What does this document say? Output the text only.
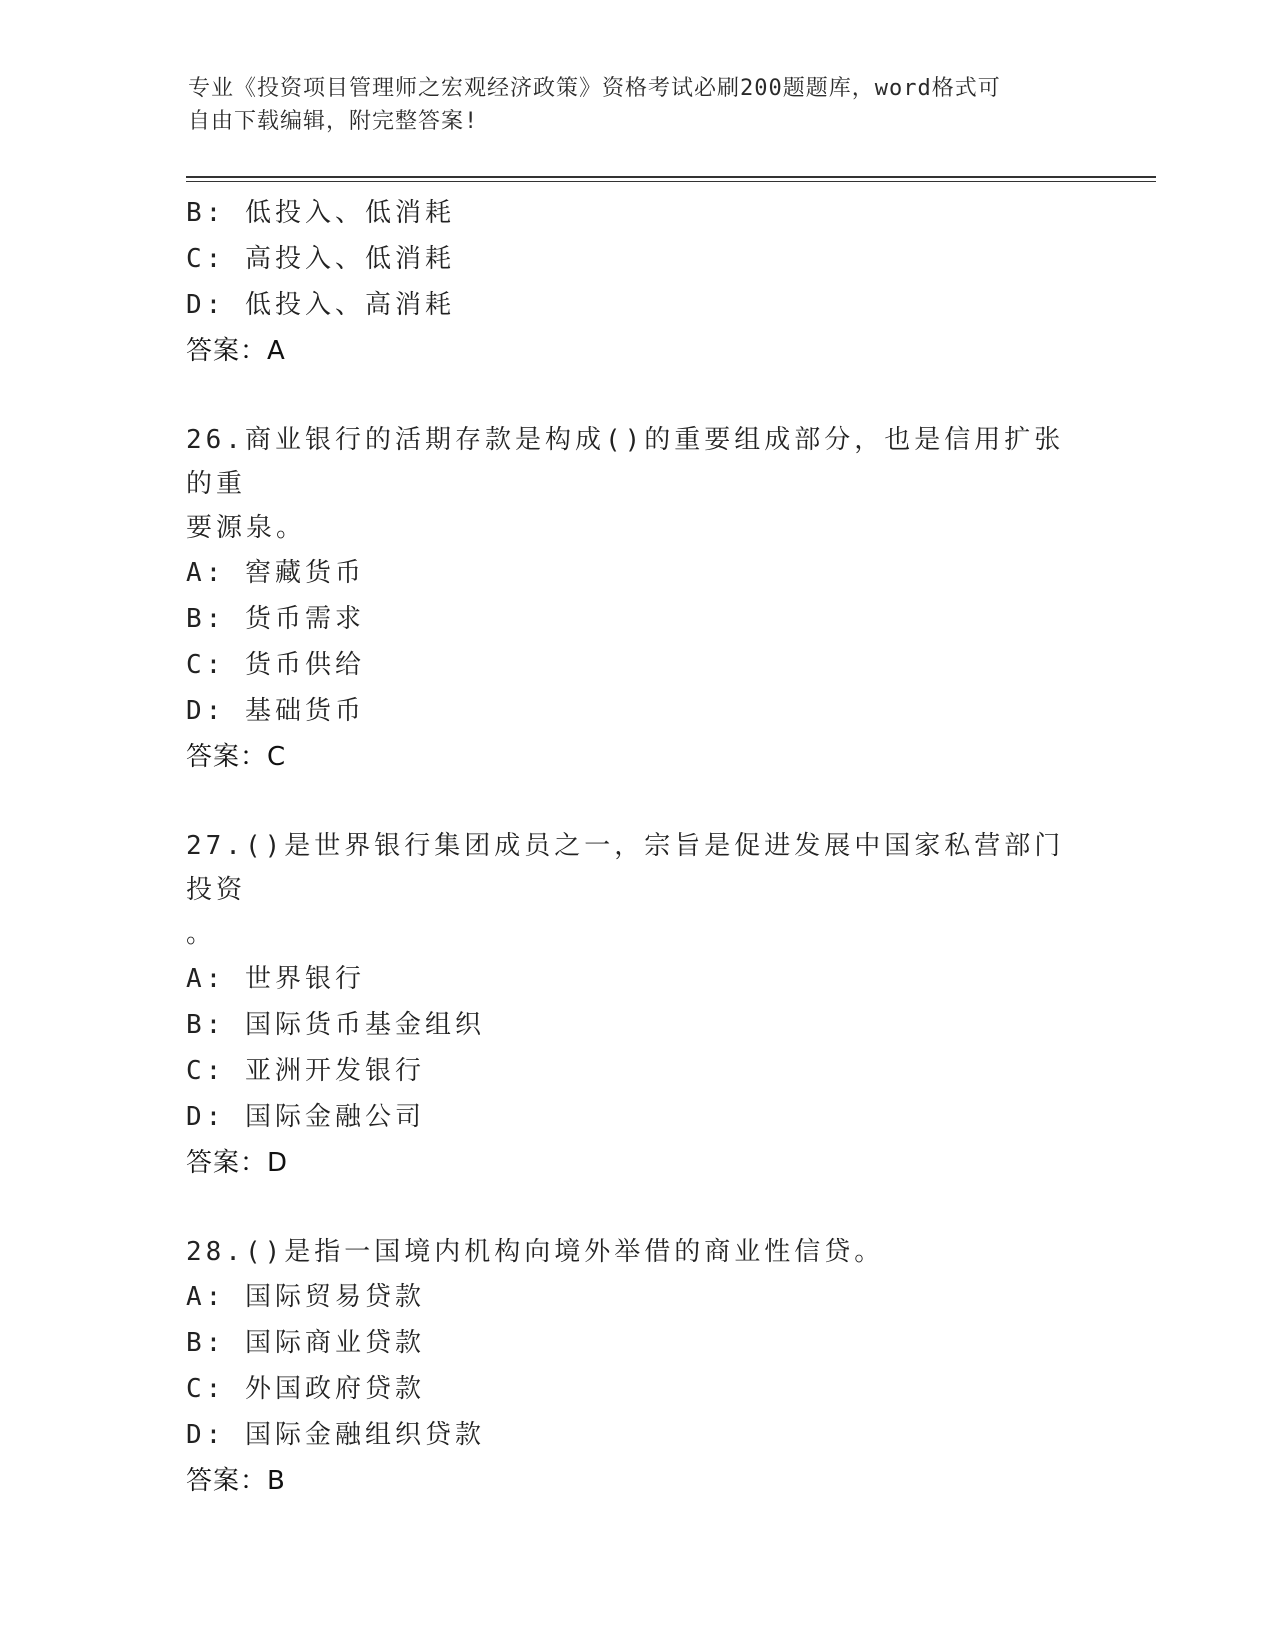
专业《投资项目管理师之宏观经济政策》资格考试必刷200题题库，word格式可
自由下载编辑，附完整答案!
B: 低投入、低消耗
C: 高投入、低消耗
D: 低投入、高消耗
答案：A
26.商业银行的活期存款是构成()的重要组成部分，也是信用扩张的重
要源泉。
A: 窖藏货币
B: 货币需求
C: 货币供给
D: 基础货币
答案：C
27.()是世界银行集团成员之一，宗旨是促进发展中国家私营部门投资
。
A: 世界银行
B: 国际货币基金组织
C: 亚洲开发银行
D: 国际金融公司
答案：D
28.()是指一国境内机构向境外举借的商业性信贷。
A: 国际贸易贷款
B: 国际商业贷款
C: 外国政府贷款
D: 国际金融组织贷款
答案：B
